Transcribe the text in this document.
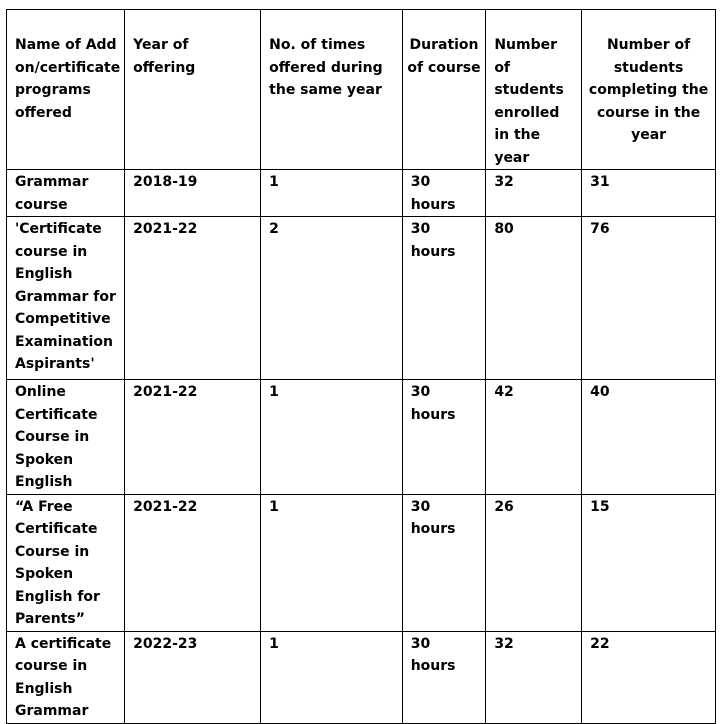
Name of Add on/certificate programs offered	Year of offering	No. of times offered during the same year	Duration of course	Number of students enrolled in the year	Number of students completing the course in the year
Grammar course	2018-19	1	30 hours	32	31
'Certificate course in English Grammar for Competitive Examination Aspirants'	2021-22	2	30 hours	80	76
Online Certificate Course in Spoken English	2021-22	1	30 hours	42	40
“A Free Certificate Course in Spoken English for Parents”	2021-22	1	30 hours	26	15
A certificate course in English Grammar	2022-23	1	30 hours	32	22
